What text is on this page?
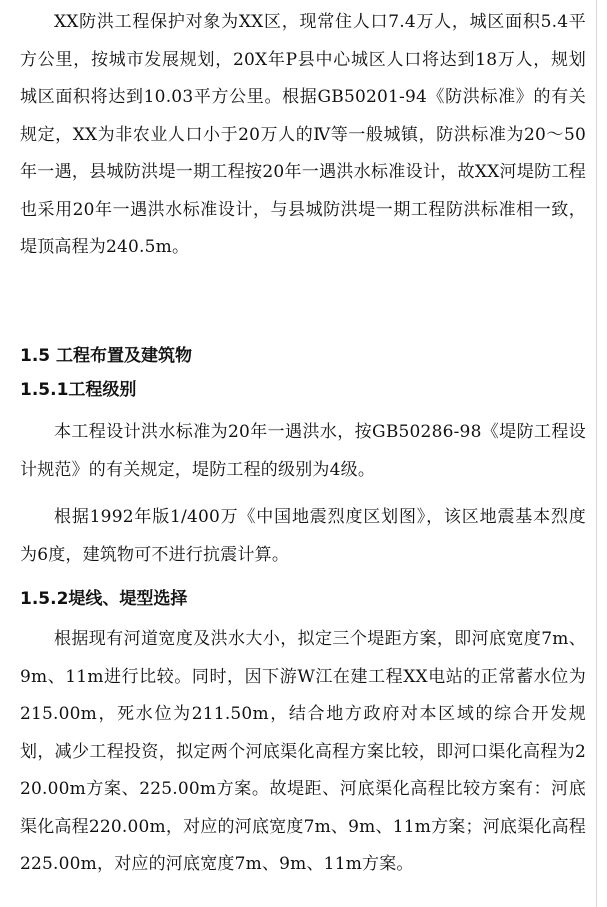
XX防洪工程保护对象为XX区，现常住人口7.4万人，城区面积5.4平方公里，按城市发展规划，20X年P县中心城区人口将达到18万人，规划城区面积将达到10.03平方公里。根据GB50201-94《防洪标准》的有关规定，XX为非农业人口小于20万人的Ⅳ等一般城镇，防洪标准为20～50年一遇，县城防洪堤一期工程按20年一遇洪水标准设计，故XX河堤防工程也采用20年一遇洪水标准设计，与县城防洪堤一期工程防洪标准相一致，堤顶高程为240.5m。

1.5 工程布置及建筑物
1.5.1工程级别

本工程设计洪水标准为20年一遇洪水，按GB50286-98《堤防工程设计规范》的有关规定，堤防工程的级别为4级。

根据1992年版1/400万《中国地震烈度区划图》，该区地震基本烈度为6度，建筑物可不进行抗震计算。

1.5.2堤线、堤型选择

根据现有河道宽度及洪水大小，拟定三个堤距方案，即河底宽度7m、9m、11m进行比较。同时，因下游W江在建工程XX电站的正常蓄水位为215.00m，死水位为211.50m，结合地方政府对本区域的综合开发规划，减少工程投资，拟定两个河底渠化高程方案比较，即河口渠化高程为220.00m方案、225.00m方案。故堤距、河底渠化高程比较方案有：河底渠化高程220.00m，对应的河底宽度7m、9m、11m方案；河底渠化高程225.00m，对应的河底宽度7m、9m、11m方案。
